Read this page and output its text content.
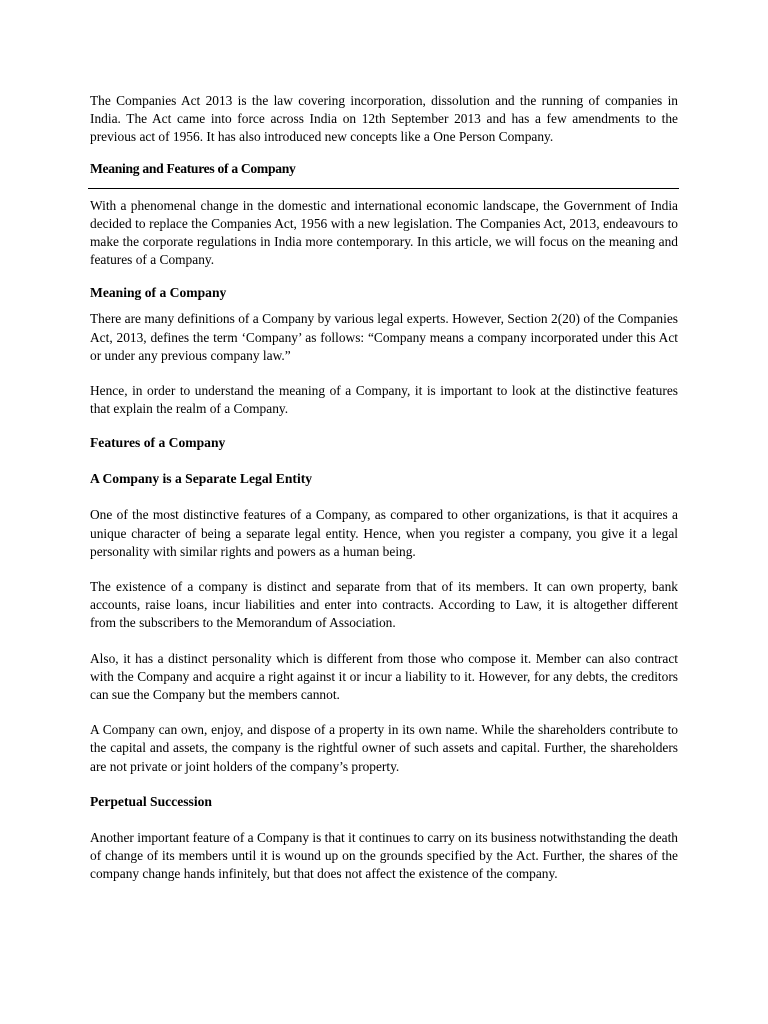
The Companies Act 2013 is the law covering incorporation, dissolution and the running of companies in India. The Act came into force across India on 12th September 2013 and has a few amendments to the previous act of 1956. It has also introduced new concepts like a One Person Company.

Meaning and Features of a Company

With a phenomenal change in the domestic and international economic landscape, the Government of India decided to replace the Companies Act, 1956 with a new legislation. The Companies Act, 2013, endeavours to make the corporate regulations in India more contemporary. In this article, we will focus on the meaning and features of a Company.

Meaning of a Company

There are many definitions of a Company by various legal experts. However, Section 2(20) of the Companies Act, 2013, defines the term ‘Company’ as follows: “Company means a company incorporated under this Act or under any previous company law.”

Hence, in order to understand the meaning of a Company, it is important to look at the distinctive features that explain the realm of a Company.

Features of a Company
A Company is a Separate Legal Entity

One of the most distinctive features of a Company, as compared to other organizations, is that it acquires a unique character of being a separate legal entity. Hence, when you register a company, you give it a legal personality with similar rights and powers as a human being.

The existence of a company is distinct and separate from that of its members. It can own property, bank accounts, raise loans, incur liabilities and enter into contracts. According to Law, it is altogether different from the subscribers to the Memorandum of Association.

Also, it has a distinct personality which is different from those who compose it. Member can also contract with the Company and acquire a right against it or incur a liability to it. However, for any debts, the creditors can sue the Company but the members cannot.

A Company can own, enjoy, and dispose of a property in its own name. While the shareholders contribute to the capital and assets, the company is the rightful owner of such assets and capital. Further, the shareholders are not private or joint holders of the company’s property.

Perpetual Succession

Another important feature of a Company is that it continues to carry on its business notwithstanding the death of change of its members until it is wound up on the grounds specified by the Act. Further, the shares of the company change hands infinitely, but that does not affect the existence of the company.
